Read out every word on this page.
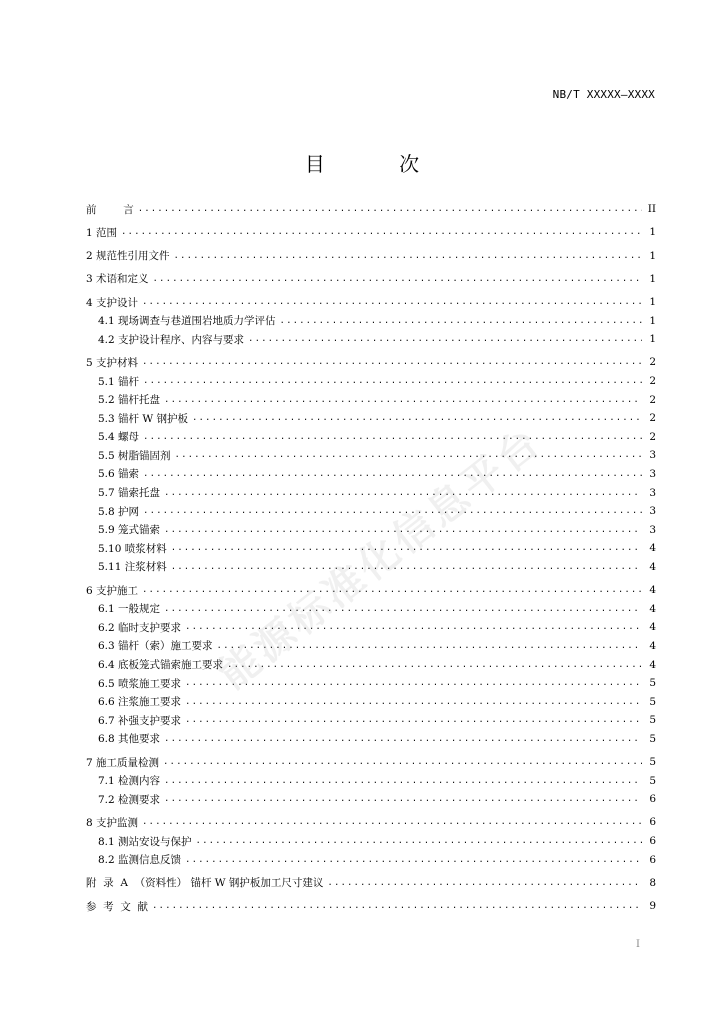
NB/T XXXXX—XXXX
目 次
前        言 .....	II
1 范围 .....	1
2 规范性引用文件 .....	1
3 术语和定义 .....	1
4 支护设计 .....	1
4.1 现场调查与巷道围岩地质力学评估 .....	1
4.2 支护设计程序、内容与要求 .....	1
5 支护材料 .....	2
5.1 锚杆 .....	2
5.2 锚杆托盘 .....	2
5.3 锚杆 W 钢护板 .....	2
5.4 螺母 .....	2
5.5 树脂锚固剂 .....	3
5.6 锚索 .....	3
5.7 锚索托盘 .....	3
5.8 护网 .....	3
5.9 笼式锚索 .....	3
5.10 喷浆材料 .....	4
5.11 注浆材料 .....	4
6 支护施工 .....	4
6.1 一般规定 .....	4
6.2 临时支护要求 .....	4
6.3 锚杆（索）施工要求 .....	4
6.4 底板笼式锚索施工要求 .....	4
6.5 喷浆施工要求 .....	5
6.6 注浆施工要求 .....	5
6.7 补强支护要求 .....	5
6.8 其他要求 .....	5
7 施工质量检测 .....	5
7.1 检测内容 .....	5
7.2 检测要求 .....	6
8 支护监测 .....	6
8.1 测站安设与保护 .....	6
8.2 监测信息反馈 .....	6
附  录  A  （资料性） 锚杆 W 钢护板加工尺寸建议 .....	8
参  考  文  献 .....	9
I
能源标准化信息平台
